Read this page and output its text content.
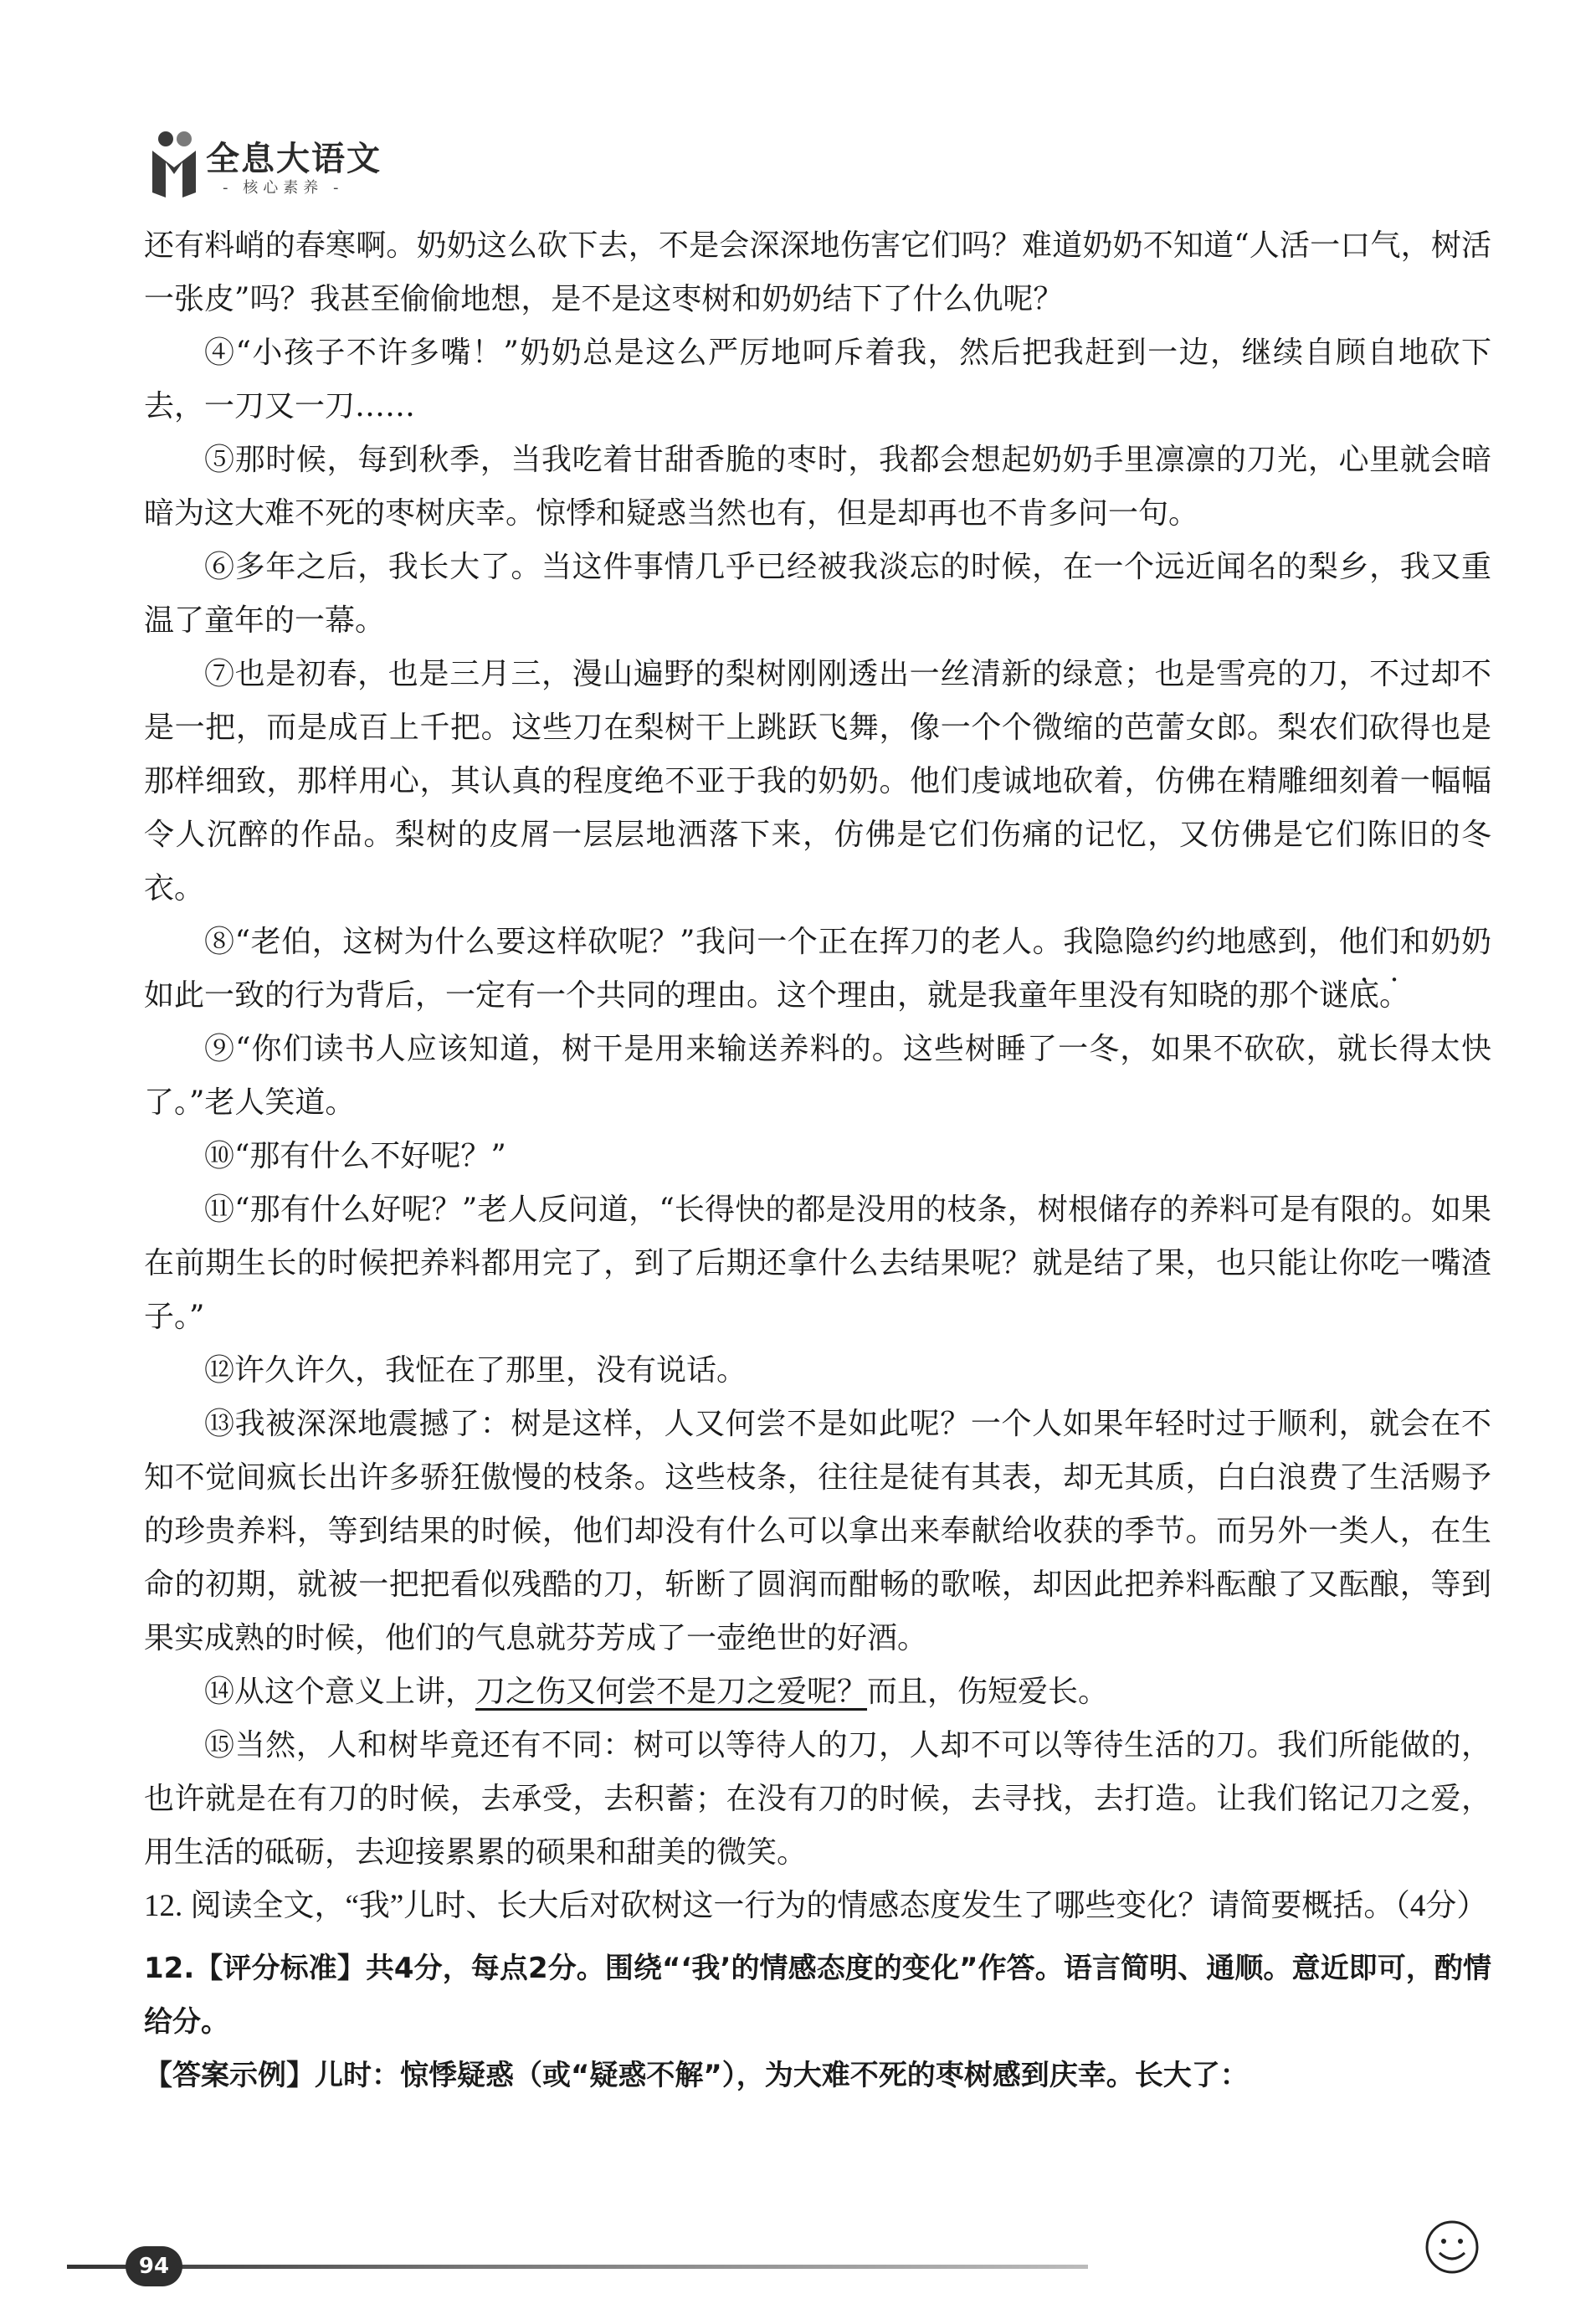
全息大语文
- 核心素养 -

还有料峭的春寒啊。奶奶这么砍下去，不是会深深地伤害它们吗？难道奶奶不知道“人活一口气，树活一张皮”吗？我甚至偷偷地想，是不是这枣树和奶奶结下了什么仇呢？

④“小孩子不许多嘴！”奶奶总是这么严厉地呵斥着我，然后把我赶到一边，继续自顾自地砍下去，一刀又一刀……

⑤那时候，每到秋季，当我吃着甘甜香脆的枣时，我都会想起奶奶手里凛凛的刀光，心里就会暗暗为这大难不死的枣树庆幸。惊悸和疑惑当然也有，但是却再也不肯多问一句。

⑥多年之后，我长大了。当这件事情几乎已经被我淡忘的时候，在一个远近闻名的梨乡，我又重温了童年的一幕。

⑦也是初春，也是三月三，漫山遍野的梨树刚刚透出一丝清新的绿意；也是雪亮的刀，不过却不是一把，而是成百上千把。这些刀在梨树干上跳跃飞舞，像一个个微缩的芭蕾女郎。梨农们砍得也是那样细致，那样用心，其认真的程度绝不亚于我的奶奶。他们虔诚地砍着，仿佛在精雕细刻着一幅幅令人沉醉的作品。梨树的皮屑一层层地洒落下来，仿佛是它们伤痛的记忆，又仿佛是它们陈旧的冬衣。

⑧“老伯，这树为什么要这样砍呢？”我问一个正在挥刀的老人。我隐隐约约地感到，他们和奶奶如此一致的行为背后，一定有一个共同的理由。这个理由，就是我童年里没有知晓的那个谜底。

⑨“你们读书人应该知道，树干是用来输送养料的。这些树睡了一冬，如果不砍砍，就长得太快了。”老人笑道。

⑩“那有什么不好呢？”

⑪“那有什么好呢？”老人反问道，“长得快的都是没用的枝条，树根储存的养料可是有限的。如果在前期生长的时候把养料都用完了，到了后期还拿什么去结果呢？就是结了果，也只能让你吃一嘴渣子。”

⑫许久许久，我怔在了那里，没有说话。

⑬我被深深地震撼了：树是这样，人又何尝不是如此呢？一个人如果年轻时过于顺利，就会在不知不觉间疯长出许多骄狂傲慢的枝条。这些枝条，往往是徒有其表，却无其质，白白浪费了生活赐予的珍贵养料，等到结果的时候，他们却没有什么可以拿出来奉献给收获的季节。而另外一类人，在生命的初期，就被一把把看似残酷的刀，斩断了圆润而酣畅的歌喉，却因此把养料酝酿了又酝酿，等到果实成熟的时候，他们的气息就芬芳成了一壶绝世的好酒。

⑭从这个意义上讲，刀之伤又何尝不是刀之爱呢？而且，伤短爱长。

⑮当然，人和树毕竟还有不同：树可以等待人的刀，人却不可以等待生活的刀。我们所能做的，也许就是在有刀的时候，去承受，去积蓄；在没有刀的时候，去寻找，去打造。让我们铭记刀之爱，用生活的砥砺，去迎接累累的硕果和甜美的微笑。

12. 阅读全文，“我”儿时、长大后对砍树这一行为的情感态度发生了哪些变化？请简要概括。（4分）

12.【评分标准】共4分，每点2分。围绕“‘我’的情感态度的变化”作答。语言简明、通顺。意近即可，酌情给分。

【答案示例】儿时：惊悸疑惑（或“疑惑不解”），为大难不死的枣树感到庆幸。长大了：

94
